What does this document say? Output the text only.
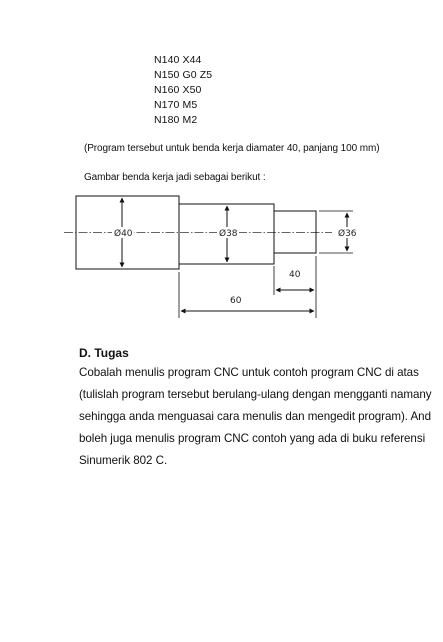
N140 X44
N150 G0 Z5
N160 X50
N170 M5
N180 M2
(Program tersebut untuk benda kerja diamater 40, panjang 100 mm)
Gambar benda kerja jadi sebagai berikut :
Ø40	Ø38	Ø36
40
60
D. Tugas
Cobalah menulis program CNC untuk contoh program CNC di atas
(tulislah program tersebut berulang-ulang dengan mengganti namany
sehingga anda menguasai cara menulis dan mengedit program). And
boleh juga menulis program CNC contoh yang ada di buku referensi
Sinumerik 802 C.
